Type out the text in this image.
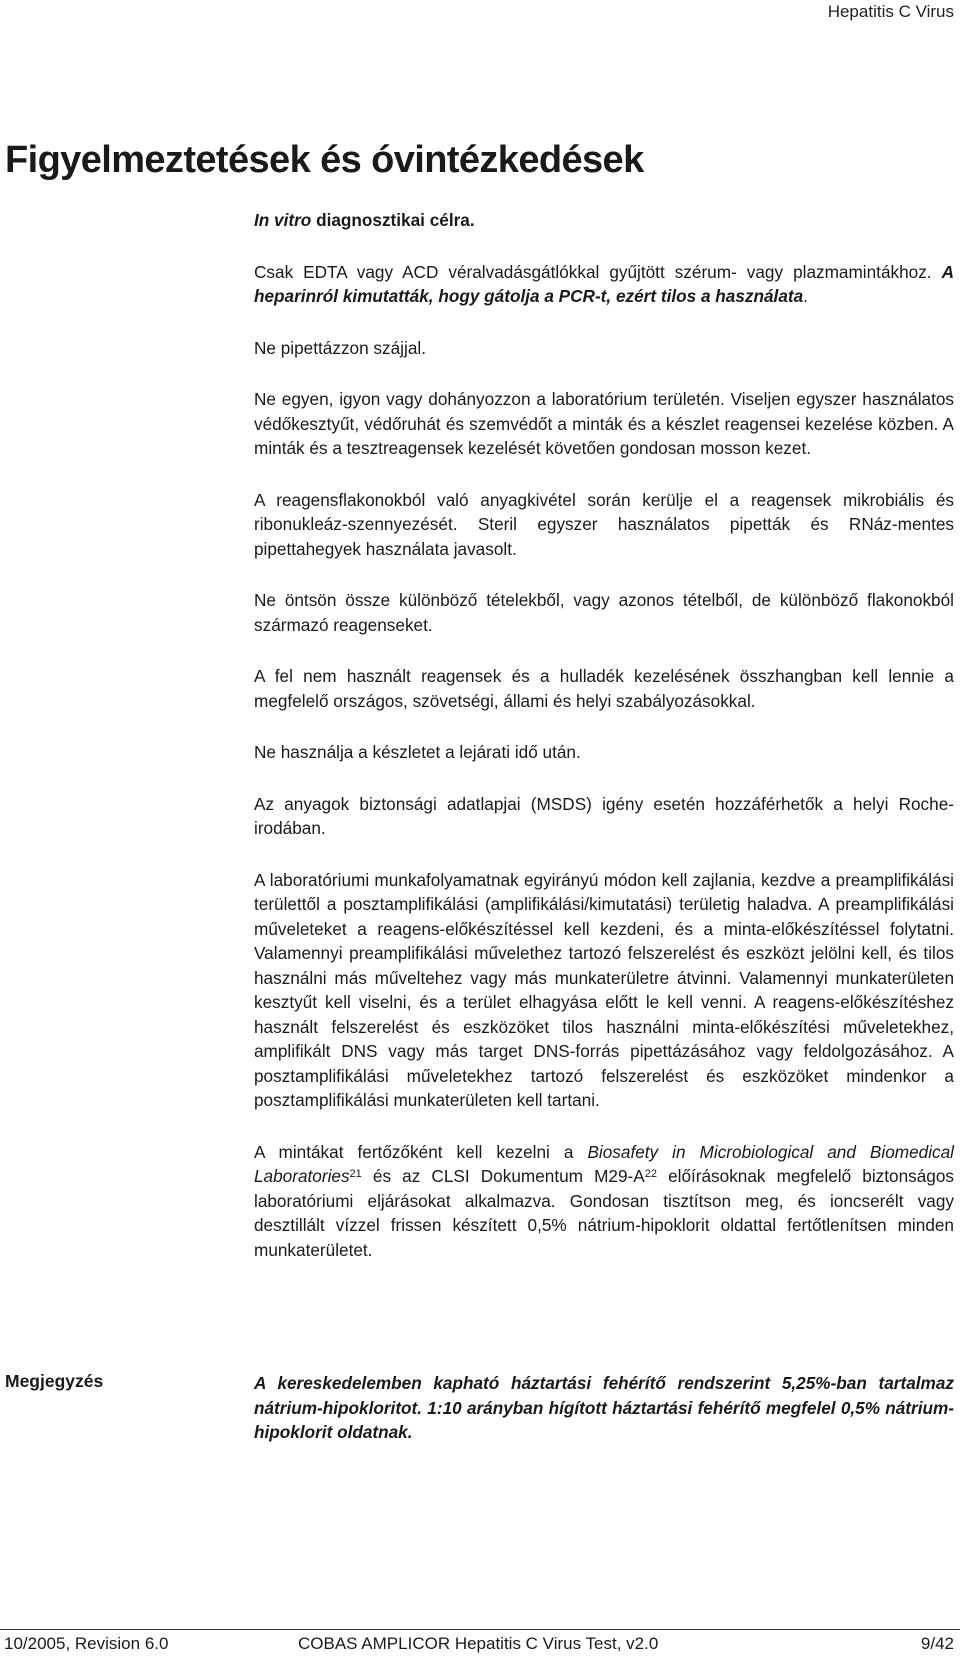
Hepatitis C Virus
Figyelmeztetések és óvintézkedések

In vitro diagnosztikai célra.

Csak EDTA vagy ACD véralvadásgátlókkal gyűjtött szérum- vagy plazmamintákhoz. A heparinról kimutatták, hogy gátolja a PCR-t, ezért tilos a használata.

Ne pipettázzon szájjal.

Ne egyen, igyon vagy dohányozzon a laboratórium területén. Viseljen egyszer használatos védőkesztyűt, védőruhát és szemvédőt a minták és a készlet reagensei kezelése közben. A minták és a tesztreagensek kezelését követően gondosan mosson kezet.

A reagensflakonokból való anyagkivétel során kerülje el a reagensek mikrobiális és ribonukleáz-szennyezését. Steril egyszer használatos pipetták és RNáz-mentes pipettahegyek használata javasolt.

Ne öntsön össze különböző tételekből, vagy azonos tételből, de különböző flakonokból származó reagenseket.

A fel nem használt reagensek és a hulladék kezelésének összhangban kell lennie a megfelelő országos, szövetségi, állami és helyi szabályozásokkal.

Ne használja a készletet a lejárati idő után.

Az anyagok biztonsági adatlapjai (MSDS) igény esetén hozzáférhetők a helyi Roche-irodában.

A laboratóriumi munkafolyamatnak egyirányú módon kell zajlania, kezdve a preamplifikálási területtől a posztamplifikálási (amplifikálási/kimutatási) területig haladva. A preamplifikálási műveleteket a reagens-előkészítéssel kell kezdeni, és a minta-előkészítéssel folytatni. Valamennyi preamplifikálási művelethez tartozó felszerelést és eszközt jelölni kell, és tilos használni más műveltehez vagy más munkaterületre átvinni. Valamennyi munkaterületen kesztyűt kell viselni, és a terület elhagyása előtt le kell venni. A reagens-előkészítéshez használt felszerelést és eszközöket tilos használni minta-előkészítési műveletekhez, amplifikált DNS vagy más target DNS-forrás pipettázásához vagy feldolgozásához. A posztamplifikálási műveletekhez tartozó felszerelést és eszközöket mindenkor a posztamplifikálási munkaterületen kell tartani.

A mintákat fertőzőként kell kezelni a Biosafety in Microbiological and Biomedical Laboratories$^{21}$ és az CLSI Dokumentum $M29-A^{22}$ előírásoknak megfelelő biztonságos laboratóriumi eljárásokat alkalmazva. Gondosan tisztítson meg, és ioncserélt vagy desztillált vízzel frissen készített 0,5% nátrium-hipoklorit oldattal fertőtlenítsen minden munkaterületet.

Megjegyzés	A kereskedelemben kapható háztartási fehérítő rendszerint 5,25%-ban tartalmaz nátrium-hipokloritot. 1:10 arányban hígított háztartási fehérítő megfelel 0,5% nátrium-hipoklorit oldatnak.

10/2005, Revision 6.0	COBAS AMPLICOR Hepatitis C Virus Test, v2.0	9/42
